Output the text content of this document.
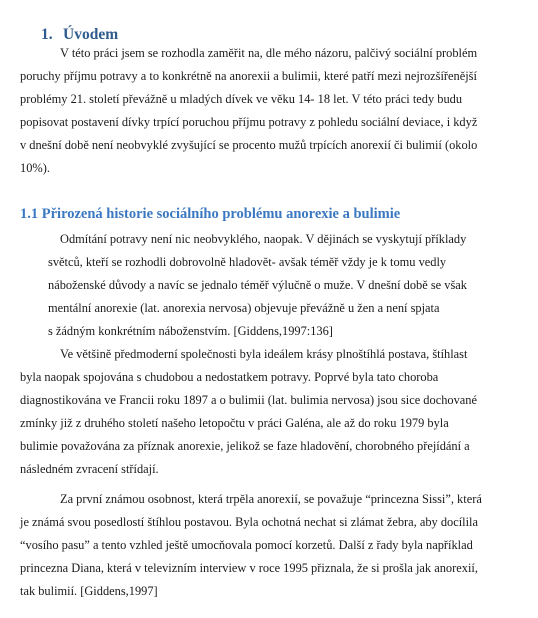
1. Úvodem
V této práci jsem se rozhodla zaměřit na, dle mého názoru, palčivý sociální problém
poruchy příjmu potravy a to konkrétně na anorexii a bulimii, které patří mezi nejrozšířenější
problémy 21. století převážně u mladých dívek ve věku 14- 18 let. V této práci tedy budu
popisovat postavení dívky trpící poruchou příjmu potravy z pohledu sociální deviace, i když
v dnešní době není neobvyklé zvyšující se procento mužů trpících anorexií či bulimií (okolo
10%).
1.1 Přirozená historie sociálního problému anorexie a bulimie
Odmítání potravy není nic neobvyklého, naopak. V dějinách se vyskytují příklady
světců, kteří se rozhodli dobrovolně hladovět- avšak téměř vždy je k tomu vedly
náboženské důvody a navíc se jednalo téměř výlučně o muže. V dnešní době se však
mentální anorexie (lat. anorexia nervosa) objevuje převážně u žen a není spjata
s žádným konkrétním náboženstvím. [Giddens,1997:136]
Ve většině předmoderní společnosti byla ideálem krásy plnoštíhlá postava, štíhlast
byla naopak spojována s chudobou a nedostatkem potravy. Poprvé byla tato choroba
diagnostikována ve Francii roku 1897 a o bulimii (lat. bulimia nervosa) jsou sice dochované
zmínky již z druhého století našeho letopočtu v práci Galéna, ale až do roku 1979 byla
bulimie považována za příznak anorexie, jelikož se faze hladovění, chorobného přejídání a
následném zvracení střídají.
Za první známou osobnost, která trpěla anorexií, se považuje “princezna Sissi”, která
je známá svou posedlostí štíhlou postavou. Byla ochotná nechat si zlámat žebra, aby docílila
“vosího pasu” a tento vzhled ještě umocňovala pomocí korzetů. Další z řady byla například
princezna Diana, která v televizním interview v roce 1995 přiznala, že si prošla jak anorexií,
tak bulimií. [Giddens,1997]
